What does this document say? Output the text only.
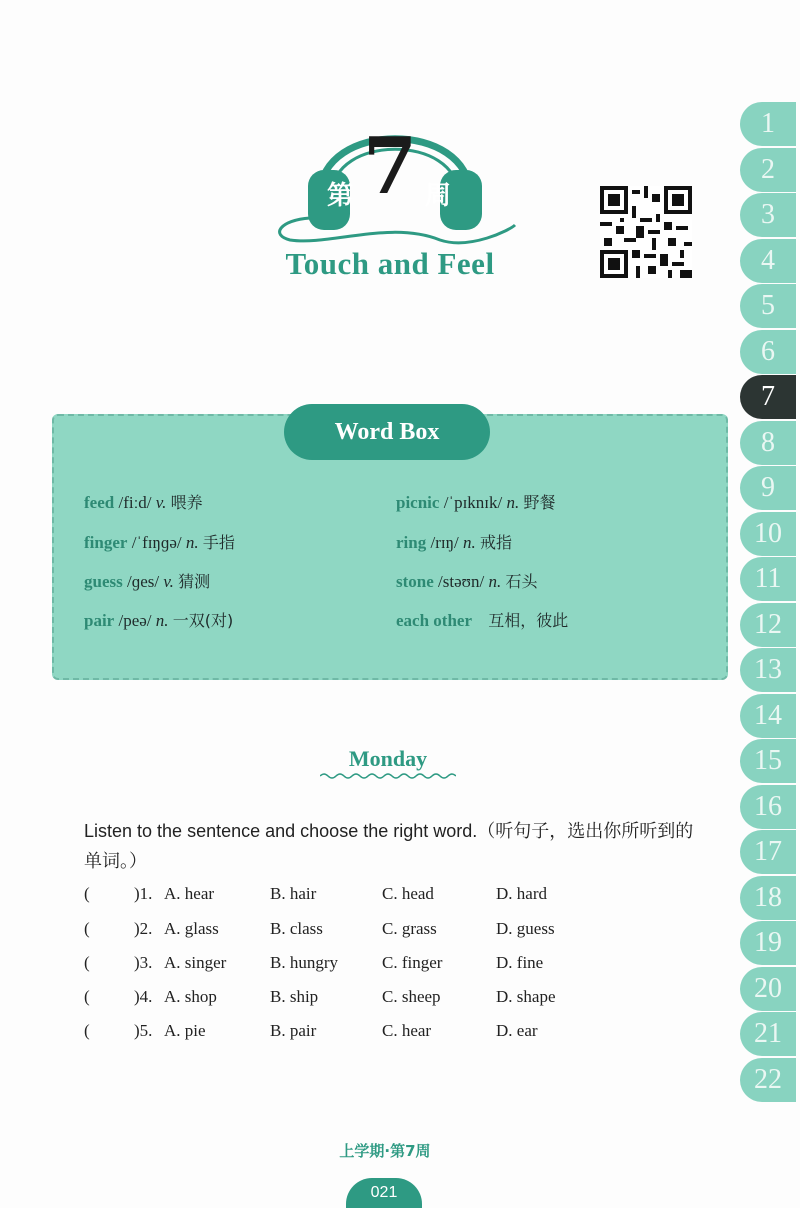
第 7 周
Touch and Feel
1
2
3
4
5
6
7
8
9
10
11
12
13
14
15
16
17
18
19
20
21
22
Word Box
feed /fiːd/ v. 喂养
finger /ˈfɪŋɡə/ n. 手指
guess /ɡes/ v. 猜测
pair /peə/ n. 一双(对)
picnic /ˈpɪknɪk/ n. 野餐
ring /rɪŋ/ n. 戒指
stone /stəʊn/ n. 石头
each other 互相，彼此
Monday
Listen to the sentence and choose the right word.（听句子，选出你所听到的单词。）
(	)1. A. hear	B. hair	C. head	D. hard
(	)2. A. glass	B. class	C. grass	D. guess
(	)3. A. singer	B. hungry	C. finger	D. fine
(	)4. A. shop	B. ship	C. sheep	D. shape
(	)5. A. pie	B. pair	C. hear	D. ear
上学期·第7周
021
